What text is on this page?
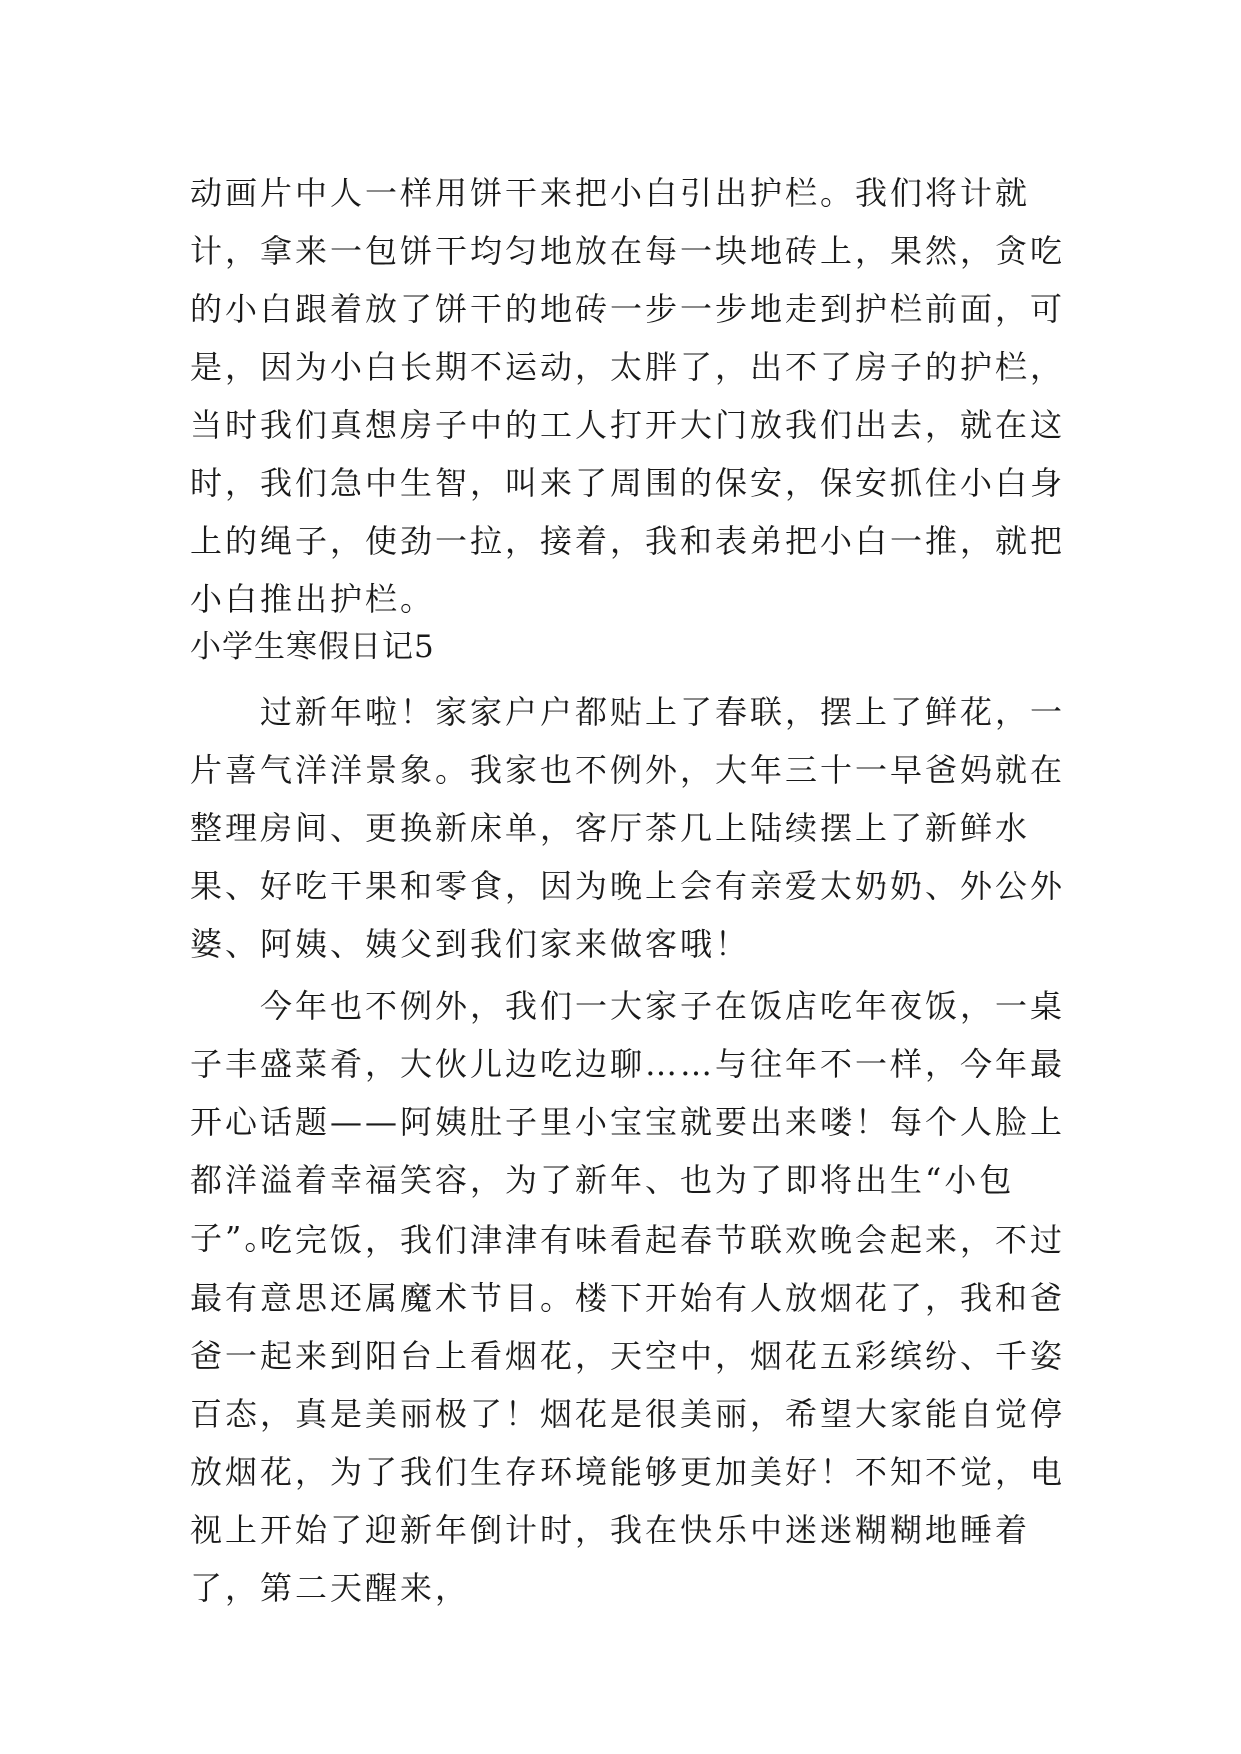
动画片中人一样用饼干来把小白引出护栏。我们将计就计，拿来一包饼干均匀地放在每一块地砖上，果然，贪吃的小白跟着放了饼干的地砖一步一步地走到护栏前面，可是，因为小白长期不运动，太胖了，出不了房子的护栏，当时我们真想房子中的工人打开大门放我们出去，就在这时，我们急中生智，叫来了周围的保安，保安抓住小白身上的绳子，使劲一拉，接着，我和表弟把小白一推，就把小白推出护栏。

小学生寒假日记5

过新年啦！家家户户都贴上了春联，摆上了鲜花，一片喜气洋洋景象。我家也不例外，大年三十一早爸妈就在整理房间、更换新床单，客厅茶几上陆续摆上了新鲜水果、好吃干果和零食，因为晚上会有亲爱太奶奶、外公外婆、阿姨、姨父到我们家来做客哦！

今年也不例外，我们一大家子在饭店吃年夜饭，一桌子丰盛菜肴，大伙儿边吃边聊……与往年不一样，今年最开心话题——阿姨肚子里小宝宝就要出来喽！每个人脸上都洋溢着幸福笑容，为了新年、也为了即将出生“小包子”。

吃完饭，我们津津有味看起春节联欢晚会起来，不过最有意思还属魔术节目。楼下开始有人放烟花了，我和爸爸一起来到阳台上看烟花，天空中，烟花五彩缤纷、千姿百态，真是美丽极了！烟花是很美丽，希望大家能自觉停放烟花，为了我们生存环境能够更加美好！不知不觉，电视上开始了迎新年倒计时，我在快乐中迷迷糊糊地睡着了，第二天醒来，
